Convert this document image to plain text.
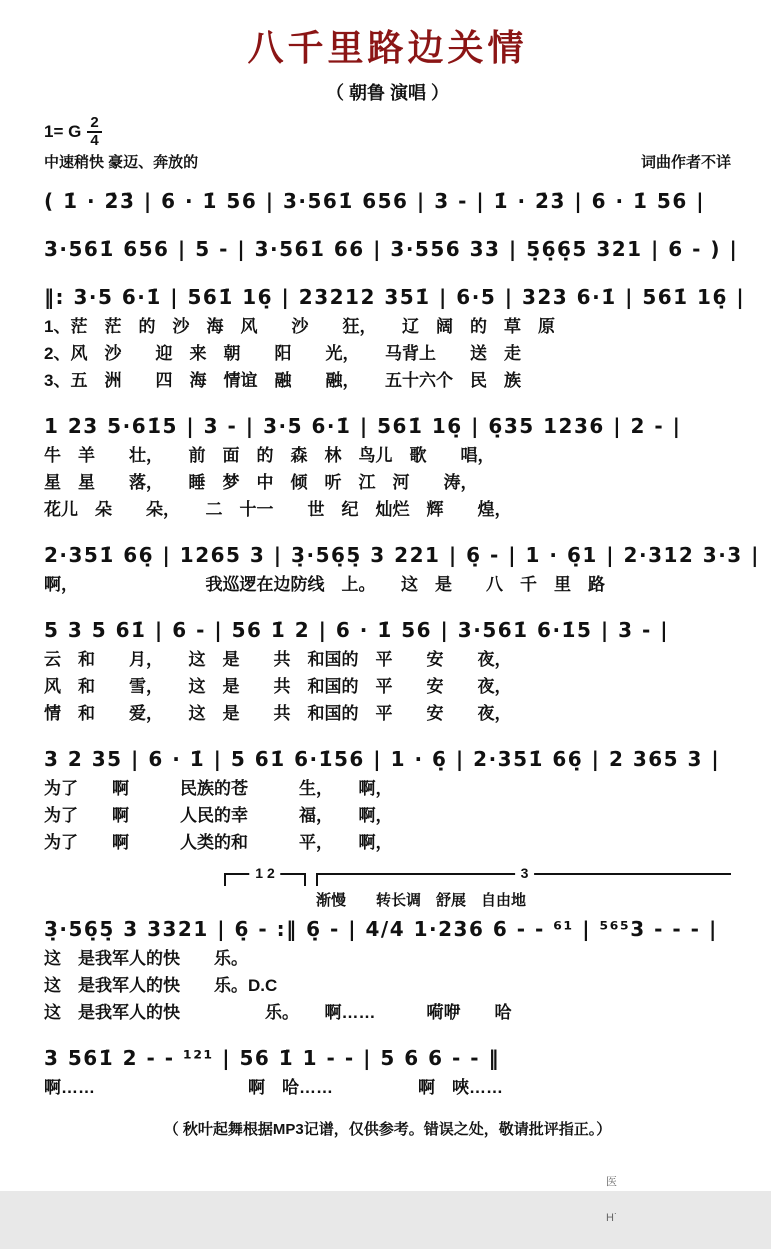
八千里路边关情
（ 朝鲁 演唱 ）
1= G $\frac{2}{4}$
中速稍快 豪迈、奔放的	词曲作者不详
( 1̇ · 2̇3̇ | 6 · 1̇ 56 | 3·561̇ 656 | 3 - | 1̇ · 2̇3̇ | 6 · 1̇ 56 |
3·561̇ 656 | 5 - | 3·561̇ 66 | 3·556 33 | 5̣6̣6̣5 321 | 6 - ) |
‖: 3·5 6·1̇ | 561̇ 16̣ | 23212 351̇ | 6·5 | 323 6·1̇ | 561̇ 16̣ |
1、茫　茫　的　沙　海　风　　沙　　狂，　　辽　阔　的　草　原
2、风　沙　　迎　来　朝　　阳　　光，　　马背上　　送　走
3、五　洲　　四　海　情谊　融　　融，　　五十六个　民　族
1 23 5·61̇5 | 3 - | 3·5 6·1̇ | 561̇ 16̣ | 6̣35 1236 | 2 - |
牛　羊　　壮，　　前　面　的　森　林　鸟儿　歌　　唱，
星　星　　落，　　睡　梦　中　倾　听　江　河　　涛，
花儿　朵　　朵，　　二　十一　　世　纪　灿烂　辉　　煌，
2·351̇ 66̣ | 1265 3 | 3̣·56̣5̣ 3 221 | 6̣ - | 1 · 6̣1 | 2·312 3·3 |
啊，　　　　　　　　我巡逻在边防线　上。　　这　是　　八　千　里　路
5 3 5 61̇ | 6 - | 56 1̇ 2 | 6 · 1̇ 56 | 3·561̇ 6·1̇5 | 3 - |
云　和　　月，　　这　是　　共　和国的　平　　安　　夜，
风　和　　雪，　　这　是　　共　和国的　平　　安　　夜，
情　和　　爱，　　这　是　　共　和国的　平　　安　　夜，
3 2 35 | 6 · 1̇ | 5 61̇ 6·1̇56 | 1 · 6̣ | 2·351̇ 66̣ | 2 365 3 |
为了　　啊　　　民族的苍　　　生，　　啊，
为了　　啊　　　人民的幸　　　福，　　啊，
为了　　啊　　　人类的和　　　平，　　啊，
1 2	3
渐慢　　转长调　舒展　自由地
3̣·56̣5̣ 3 3321 | 6̣ - :‖ 6̣ - | 4/4 1·236 6 - - ⁶¹ | ⁵⁶⁵3 - - - |
这　是我军人的快　　乐。
这　是我军人的快　　乐。D.C
这　是我军人的快　　　　　乐。　　啊……　　　嗬咿　　哈
3 561̇ 2 - - ¹²¹ | 56 1̇ 1 - - | 5 6 6 - - ‖
啊……　　　　　　　　　啊　哈……　　　　　啊　唊……
（ 秋叶起舞根据MP3记谱，仅供参考。错误之处，敬请批评指正。）

医

H˙
